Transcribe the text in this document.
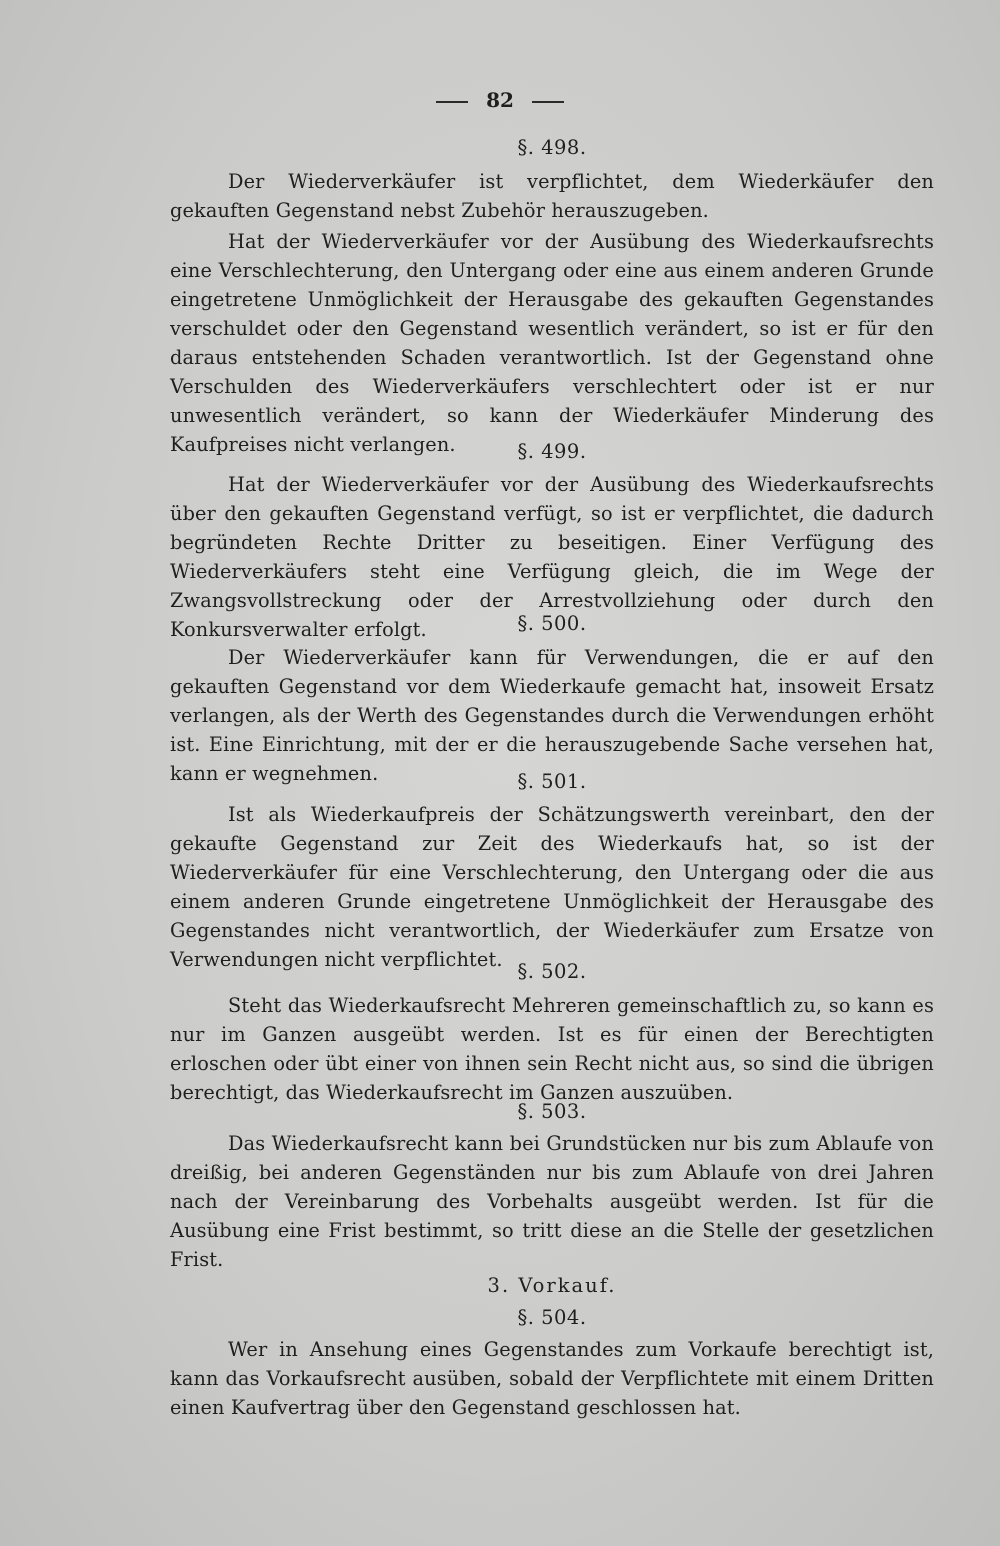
82
§. 498.

Der Wiederverkäufer ist verpflichtet, dem Wiederkäufer den gekauften Gegenstand nebst Zubehör herauszugeben.

Hat der Wiederverkäufer vor der Ausübung des Wiederkaufsrechts eine Verschlechterung, den Untergang oder eine aus einem anderen Grunde eingetretene Unmöglichkeit der Herausgabe des gekauften Gegenstandes verschuldet oder den Gegenstand wesentlich verändert, so ist er für den daraus entstehenden Schaden verantwortlich. Ist der Gegenstand ohne Verschulden des Wiederverkäufers verschlechtert oder ist er nur unwesentlich verändert, so kann der Wiederkäufer Minderung des Kaufpreises nicht verlangen.	§. 499.

Hat der Wiederverkäufer vor der Ausübung des Wiederkaufsrechts über den gekauften Gegenstand verfügt, so ist er verpflichtet, die dadurch begründeten Rechte Dritter zu beseitigen. Einer Verfügung des Wiederverkäufers steht eine Verfügung gleich, die im Wege der Zwangsvollstreckung oder der Arrestvollziehung oder durch den Konkursverwalter erfolgt.	§. 500.

Der Wiederverkäufer kann für Verwendungen, die er auf den gekauften Gegenstand vor dem Wiederkaufe gemacht hat, insoweit Ersatz verlangen, als der Werth des Gegenstandes durch die Verwendungen erhöht ist. Eine Einrichtung, mit der er die herauszugebende Sache versehen hat, kann er wegnehmen.	§. 501.

Ist als Wiederkaufpreis der Schätzungswerth vereinbart, den der gekaufte Gegenstand zur Zeit des Wiederkaufs hat, so ist der Wiederverkäufer für eine Verschlechterung, den Untergang oder die aus einem anderen Grunde eingetretene Unmöglichkeit der Herausgabe des Gegenstandes nicht verantwortlich, der Wiederkäufer zum Ersatze von Verwendungen nicht verpflichtet.

§. 502.

Steht das Wiederkaufsrecht Mehreren gemeinschaftlich zu, so kann es nur im Ganzen ausgeübt werden. Ist es für einen der Berechtigten erloschen oder übt einer von ihnen sein Recht nicht aus, so sind die übrigen berechtigt, das Wiederkaufsrecht im Ganzen auszuüben.

§. 503.

Das Wiederkaufsrecht kann bei Grundstücken nur bis zum Ablaufe von dreißig, bei anderen Gegenständen nur bis zum Ablaufe von drei Jahren nach der Vereinbarung des Vorbehalts ausgeübt werden. Ist für die Ausübung eine Frist bestimmt, so tritt diese an die Stelle der gesetzlichen Frist.

3. Vorkauf.
§. 504.

Wer in Ansehung eines Gegenstandes zum Vorkaufe berechtigt ist, kann das Vorkaufsrecht ausüben, sobald der Verpflichtete mit einem Dritten einen Kaufvertrag über den Gegenstand geschlossen hat.
